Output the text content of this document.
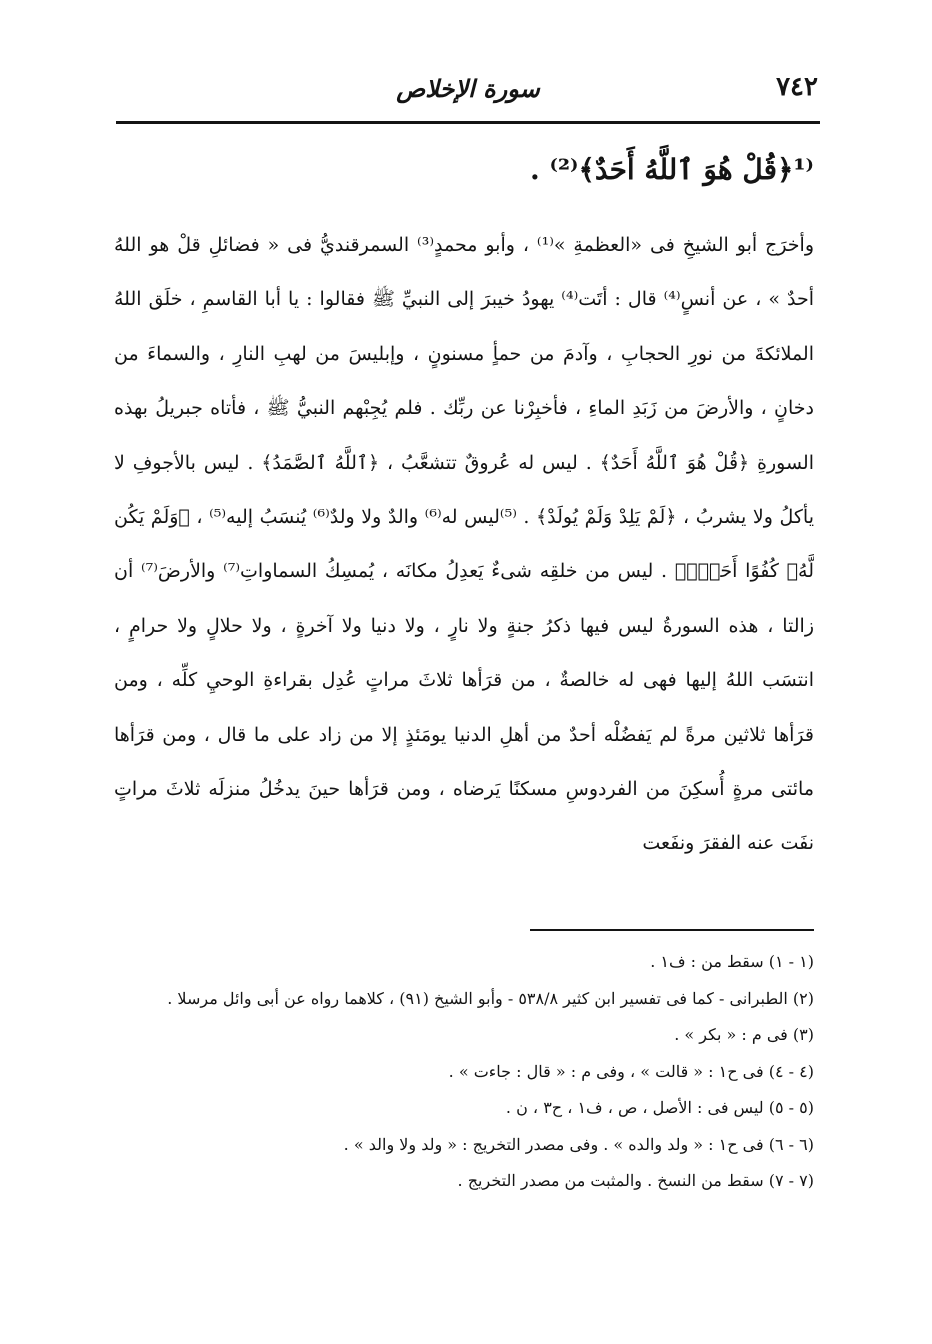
٧٤٢
سورة الإخلاص
⁽¹﴿قُلْ هُوَ ٱللَّهُ أَحَدٌ﴾⁽²⁾ .
وأخرَج أبو الشيخِ فى «العظمةِ »⁽¹⁾ ، وأبو محمدٍ⁽³⁾ السمرقنديُّ فى « فضائلِ قلْ هو اللهُ أحدٌ » ، عن أنسٍ⁽⁴⁾ قال : أتَت⁽⁴⁾ يهودُ خيبرَ إلى النبيِّ ﷺ فقالوا : يا أبا القاسمِ ، خلَق اللهُ الملائكةَ من نورِ الحجابِ ، وآدمَ من حمأٍ مسنونٍ ، وإبليسَ من لهبِ النارِ ، والسماءَ من دخانٍ ، والأرضَ من زَبَدِ الماءِ ، فأخبِرْنا عن ربِّك . فلم يُجِبْهم النبيُّ ﷺ ، فأتاه جبريلُ بهذه السورةِ ﴿قُلْ هُوَ ٱللَّهُ أَحَدٌ﴾ . ليس له عُروقٌ تتشعَّبُ ، ﴿ٱللَّهُ ٱلصَّمَدُ﴾ . ليس بالأجوفِ لا يأكلُ ولا يشربُ ، ﴿لَمْ يَلِدْ وَلَمْ يُولَدْ﴾ . ⁽⁵⁾ليس له⁽⁶⁾ والدٌ ولا ولدٌ⁽⁶⁾ يُنسَبُ إليه⁽⁵⁾ ، ﴿وَلَمْ يَكُن لَّهُۥ كُفُوًا أَحَدٌۢ﴾ . ليس من خلقِه شىءٌ يَعدِلُ مكانَه ، يُمسِكُ السماواتِ⁽⁷⁾ والأرضَ⁽⁷⁾ أن زالتا ، هذه السورةُ ليس فيها ذكرُ جنةٍ ولا نارٍ ، ولا دنيا ولا آخرةٍ ، ولا حلالٍ ولا حرامٍ ، انتسَب اللهُ إليها فهى له خالصةٌ ، من قرَأها ثلاثَ مراتٍ عُدِل بقراءةِ الوحيِ كلِّه ، ومن قرَأها ثلاثين مرةً لم يَفضُلْه أحدٌ من أهلِ الدنيا يومَئذٍ إلا من زاد على ما قال ، ومن قرَأها مائتى مرةٍ أُسكِنَ من الفردوسِ مسكنًا يَرضاه ، ومن قرَأها حينَ يدخُلُ منزلَه ثلاثَ مراتٍ نفَت عنه الفقرَ ونفَعت
(١ - ١) سقط من : ف١ .
(٢) الطبرانى - كما فى تفسير ابن كثير ٥٣٨/٨ - وأبو الشيخ (٩١) ، كلاهما رواه عن أبى وائل مرسلا .
(٣) فى م : « بكر » .
(٤ - ٤) فى ح١ : « قالت » ، وفى م : « قال : جاءت » .
(٥ - ٥) ليس فى : الأصل ، ص ، ف١ ، ح٣ ، ن .
(٦ - ٦) فى ح١ : « ولد والده » . وفى مصدر التخريج : « ولد ولا والد » .
(٧ - ٧) سقط من النسخ . والمثبت من مصدر التخريج .
